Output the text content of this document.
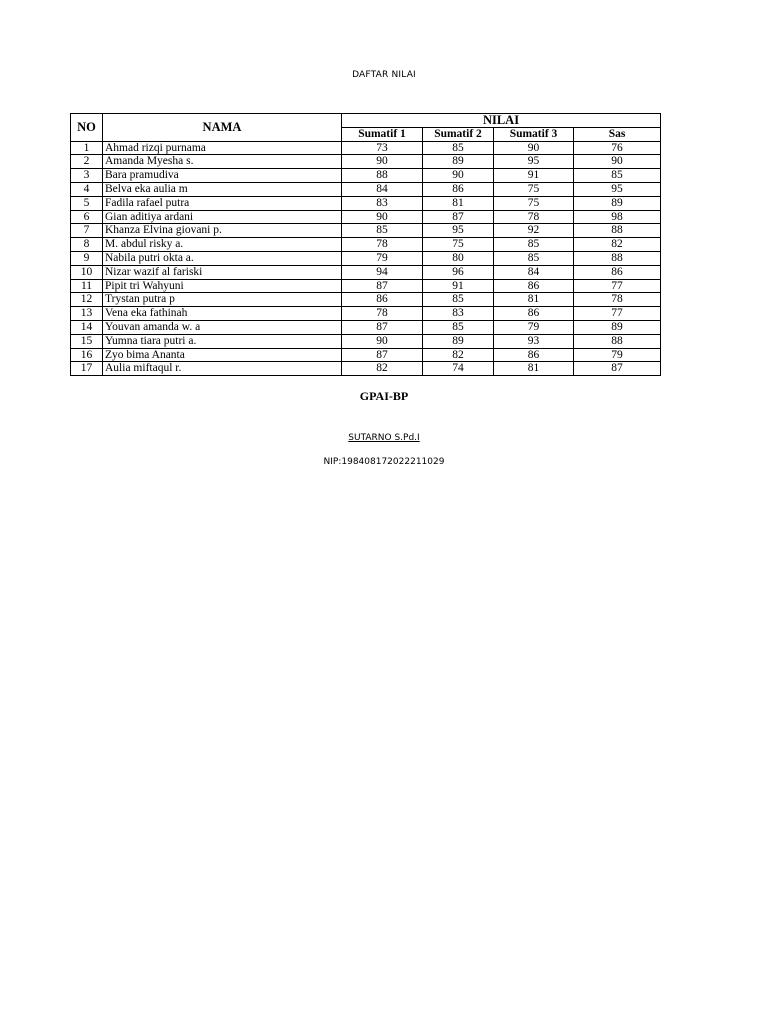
DAFTAR NILAI
NO	NAMA	NILAI			
		Sumatif 1	Sumatif 2	Sumatif 3	Sas
1	Ahmad rizqi purnama	73	85	90	76
2	Amanda Myesha s.	90	89	95	90
3	Bara pramudiva	88	90	91	85
4	Belva eka aulia m	84	86	75	95
5	Fadila rafael putra	83	81	75	89
6	Gian aditiya ardani	90	87	78	98
7	Khanza Elvina giovani p.	85	95	92	88
8	M. abdul risky a.	78	75	85	82
9	Nabila putri okta a.	79	80	85	88
10	Nizar wazif al fariski	94	96	84	86
11	Pipit tri Wahyuni	87	91	86	77
12	Trystan putra p	86	85	81	78
13	Vena eka fathinah	78	83	86	77
14	Youvan amanda w. a	87	85	79	89
15	Yumna tiara putri a.	90	89	93	88
16	Zyo bima Ananta	87	82	86	79
17	Aulia miftaqul r.	82	74	81	87
GPAI-BP
SUTARNO S.Pd.I
NIP:198408172022211029
